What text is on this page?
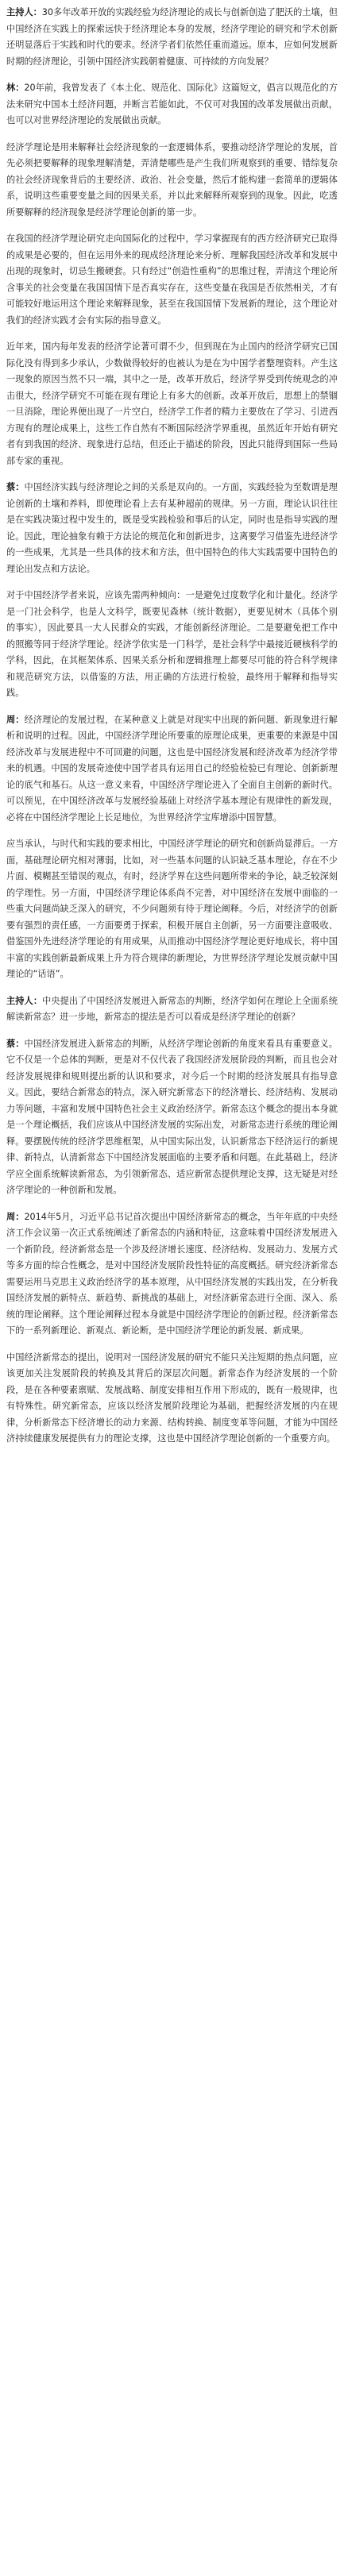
主持人：30多年改革开放的实践经验为经济理论的成长与创新创造了肥沃的土壤，但中国经济在实践上的探索远快于经济理论本身的发展，经济学理论的研究和学术创新还明显落后于实践和时代的要求。经济学者们依然任重而道远。原本，应如何发展新时期的经济理论，引领中国经济实践朝着健康、可持续的方向发展？

林：20年前，我曾发表了《本土化、规范化、国际化》这篇短文，倡言以规范化的方法来研究中国本土经济问题，并断言若能如此，不仅可对我国的改革发展做出贡献，也可以对世界经济理论的发展做出贡献。

经济学理论是用来解释社会经济现象的一套逻辑体系，要推动经济学理论的发展，首先必须把要解释的现象理解清楚，弄清楚哪些是产生我们所观察到的重要、错综复杂的社会经济现象背后的主要经济、政治、社会变量，然后才能构建一套简单的逻辑体系，说明这些重要变量之间的因果关系，并以此来解释所观察到的现象。因此，吃透所要解释的经济现象是经济学理论创新的第一步。

在我国的经济学理论研究走向国际化的过程中，学习掌握现有的西方经济研究已取得的成果是必要的，但在运用外来的现成经济理论来分析、理解我国经济改革和发展中出现的现象时，切忌生搬硬套。只有经过“创造性重构”的思维过程，弄清这个理论所含事关的社会变量在我国国情下是否真实存在，这些变量在我国是否依然相关，才有可能较好地运用这个理论来解释现象，甚至在我国国情下发展新的理论，这个理论对我们的经济实践才会有实际的指导意义。

近年来，国内每年发表的经济学论著可谓不少，但到现在为止国内的经济学研究已国际化没有得到多少承认，少数做得较好的也被认为是在为中国学者整理资料。产生这一现象的原因当然不只一端，其中之一是，改革开放后，经济学界受到传统观念的冲击很大，经济学研究不可能在现有理论上有多大的创新。改革开放后，思想上的禁锢一旦消除，理论界便出现了一片空白，经济学工作者的精力主要放在了学习、引进西方现有的理论成果上，这些工作自然有不断国际经济学界重视，虽然近年开始有研究者有到我国的经济、现象进行总结，但还止于描述的阶段，因此只能得到国际一些局部专家的重视。

蔡：中国经济实践与经济理论之间的关系是双向的。一方面，实践经验为至数谓是理论创新的土壤和养料，即使理论看上去有某种超前的规律。另一方面，理论认识往往是在实践决策过程中发生的，既是受实践检验和事后的认定，同时也是指导实践的理论。因此，理论抽象有赖于方法论的规范化和创新进步，这离要学习借鉴先进经济学的一些成果，尤其是一些具体的技术和方法，但中国特色的伟大实践需要中国特色的理论出发点和方法论。

对于中国经济学者来说，应该先需两种倾向：一是避免过度数学化和计量化。经济学是一门社会科学，也是人文科学，既要见森林（统计数据），更要见树木（具体个别的事实），因此要具一大人民群众的实践，才能创新经济理论。二是要避免把工作中的照搬等同于经济学理论。经济学依实是一门科学，是社会科学中最接近硬核科学的学科，因此，在其框架体系、因果关系分析和逻辑推理上都要尽可能的符合科学规律和规范研究方法，以借鉴的方法，用正确的方法进行检验，最终用于解释和指导实践。

周：经济理论的发展过程，在某种意义上就是对现实中出现的新问题、新现象进行解析和说明的过程。因此，中国经济学理论所要重的原理论成果，更重要的来源是中国经济改革与发展进程中不可回避的问题，这也是中国经济发展和经济改革为经济学带来的机遇。中国的发展奇迹使中国学者具有运用自己的经验检验已有理论、创新新理论的底气和基石。从这一意义来看，中国经济学理论进入了全面自主创新的新时代。可以预见，在中国经济改革与发展经验基础上对经济学基本理论有规律性的新发现，必将在中国经济学理论上长足地位，为世界经济学宝库增添中国智慧。

应当承认，与时代和实践的要求相比，中国经济学理论的研究和创新尚显滞后。一方面，基础理论研究相对薄弱，比如，对一些基本问题的认识缺乏基本理论，存在不少片面、模糊甚至错误的观点，有时，经济学界在这些问题所带来的争论，缺乏较深刻的学理性。另一方面，中国经济学理论体系尚不完善，对中国经济在发展中面临的一些重大问题尚缺乏深入的研究，不少问题须有待于理论阐释。今后，对经济学的创新要有强烈的责任感，一方面要勇于探索，积极开展自主创新，另一方面要注意吸收、借鉴国外先进经济学理论的有用成果，从而推动中国经济学理论更好地成长，将中国丰富的实践创新最新成果上升为符合规律的新理论，为世界经济学理论发展贡献中国理论的“话语”。

主持人：中央提出了中国经济发展进入新常态的判断，经济学如何在理论上全面系统解读新常态？进一步地，新常态的提法是否可以看成是经济学理论的创新？

蔡：中国经济发展进入新常态的判断，从经济学理论创新的角度来看具有重要意义。它不仅是一个总体的判断，更是对不仅代表了我国经济发展阶段的判断，而且也会对经济发展规律和规则提出新的认识和要求，对今后一个时期的经济发展具有指导意义。因此，要结合新常态的特点，深入研究新常态下的经济增长、经济结构、发展动力等问题，丰富和发展中国特色社会主义政治经济学。新常态这个概念的提出本身就是一个理论概括，我们应该从中国经济发展的实际出发，对新常态进行系统的理论阐释。要摆脱传统的经济学思维框架，从中国实际出发，认识新常态下经济运行的新规律、新特点，认清新常态下中国经济发展面临的主要矛盾和问题。在此基础上，经济学应全面系统解读新常态，为引领新常态、适应新常态提供理论支撑，这无疑是对经济学理论的一种创新和发展。

周：2014年5月，习近平总书记首次提出中国经济新常态的概念，当年年底的中央经济工作会议第一次正式系统阐述了新常态的内涵和特征，这意味着中国经济发展进入一个新阶段。经济新常态是一个涉及经济增长速度、经济结构、发展动力、发展方式等多方面的综合性概念，是对中国经济发展阶段性特征的高度概括。研究经济新常态需要运用马克思主义政治经济学的基本原理，从中国经济发展的实践出发，在分析我国经济发展的新特点、新趋势、新挑战的基础上，对经济新常态进行全面、深入、系统的理论阐释。这个理论阐释过程本身就是中国经济学理论的创新过程。经济新常态下的一系列新理论、新观点、新论断，是中国经济学理论的新发展、新成果。

中国经济新常态的提出，说明对一国经济发展的研究不能只关注短期的热点问题，应该更加关注发展阶段的转换及其背后的深层次问题。新常态作为经济发展的一个阶段，是在各种要素禀赋、发展战略、制度安排相互作用下形成的，既有一般规律，也有特殊性。研究新常态，应该以经济发展阶段理论为基础，把握经济发展的内在规律，分析新常态下经济增长的动力来源、结构转换、制度变革等问题，才能为中国经济持续健康发展提供有力的理论支撑，这也是中国经济学理论创新的一个重要方向。
